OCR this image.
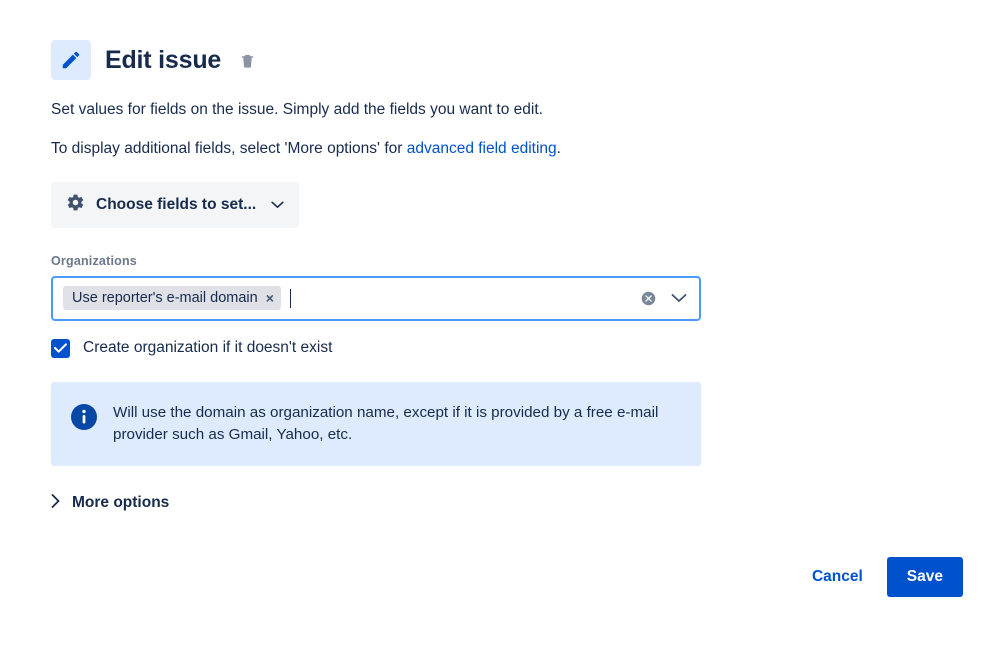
Edit issue
Set values for fields on the issue. Simply add the fields you want to edit.
To display additional fields, select 'More options' for advanced field editing.
Choose fields to set...
Organizations
Use reporter's e-mail domain ×
Create organization if it doesn't exist
Will use the domain as organization name, except if it is provided by a free e-mail provider such as Gmail, Yahoo, etc.
More options
Cancel	Save
